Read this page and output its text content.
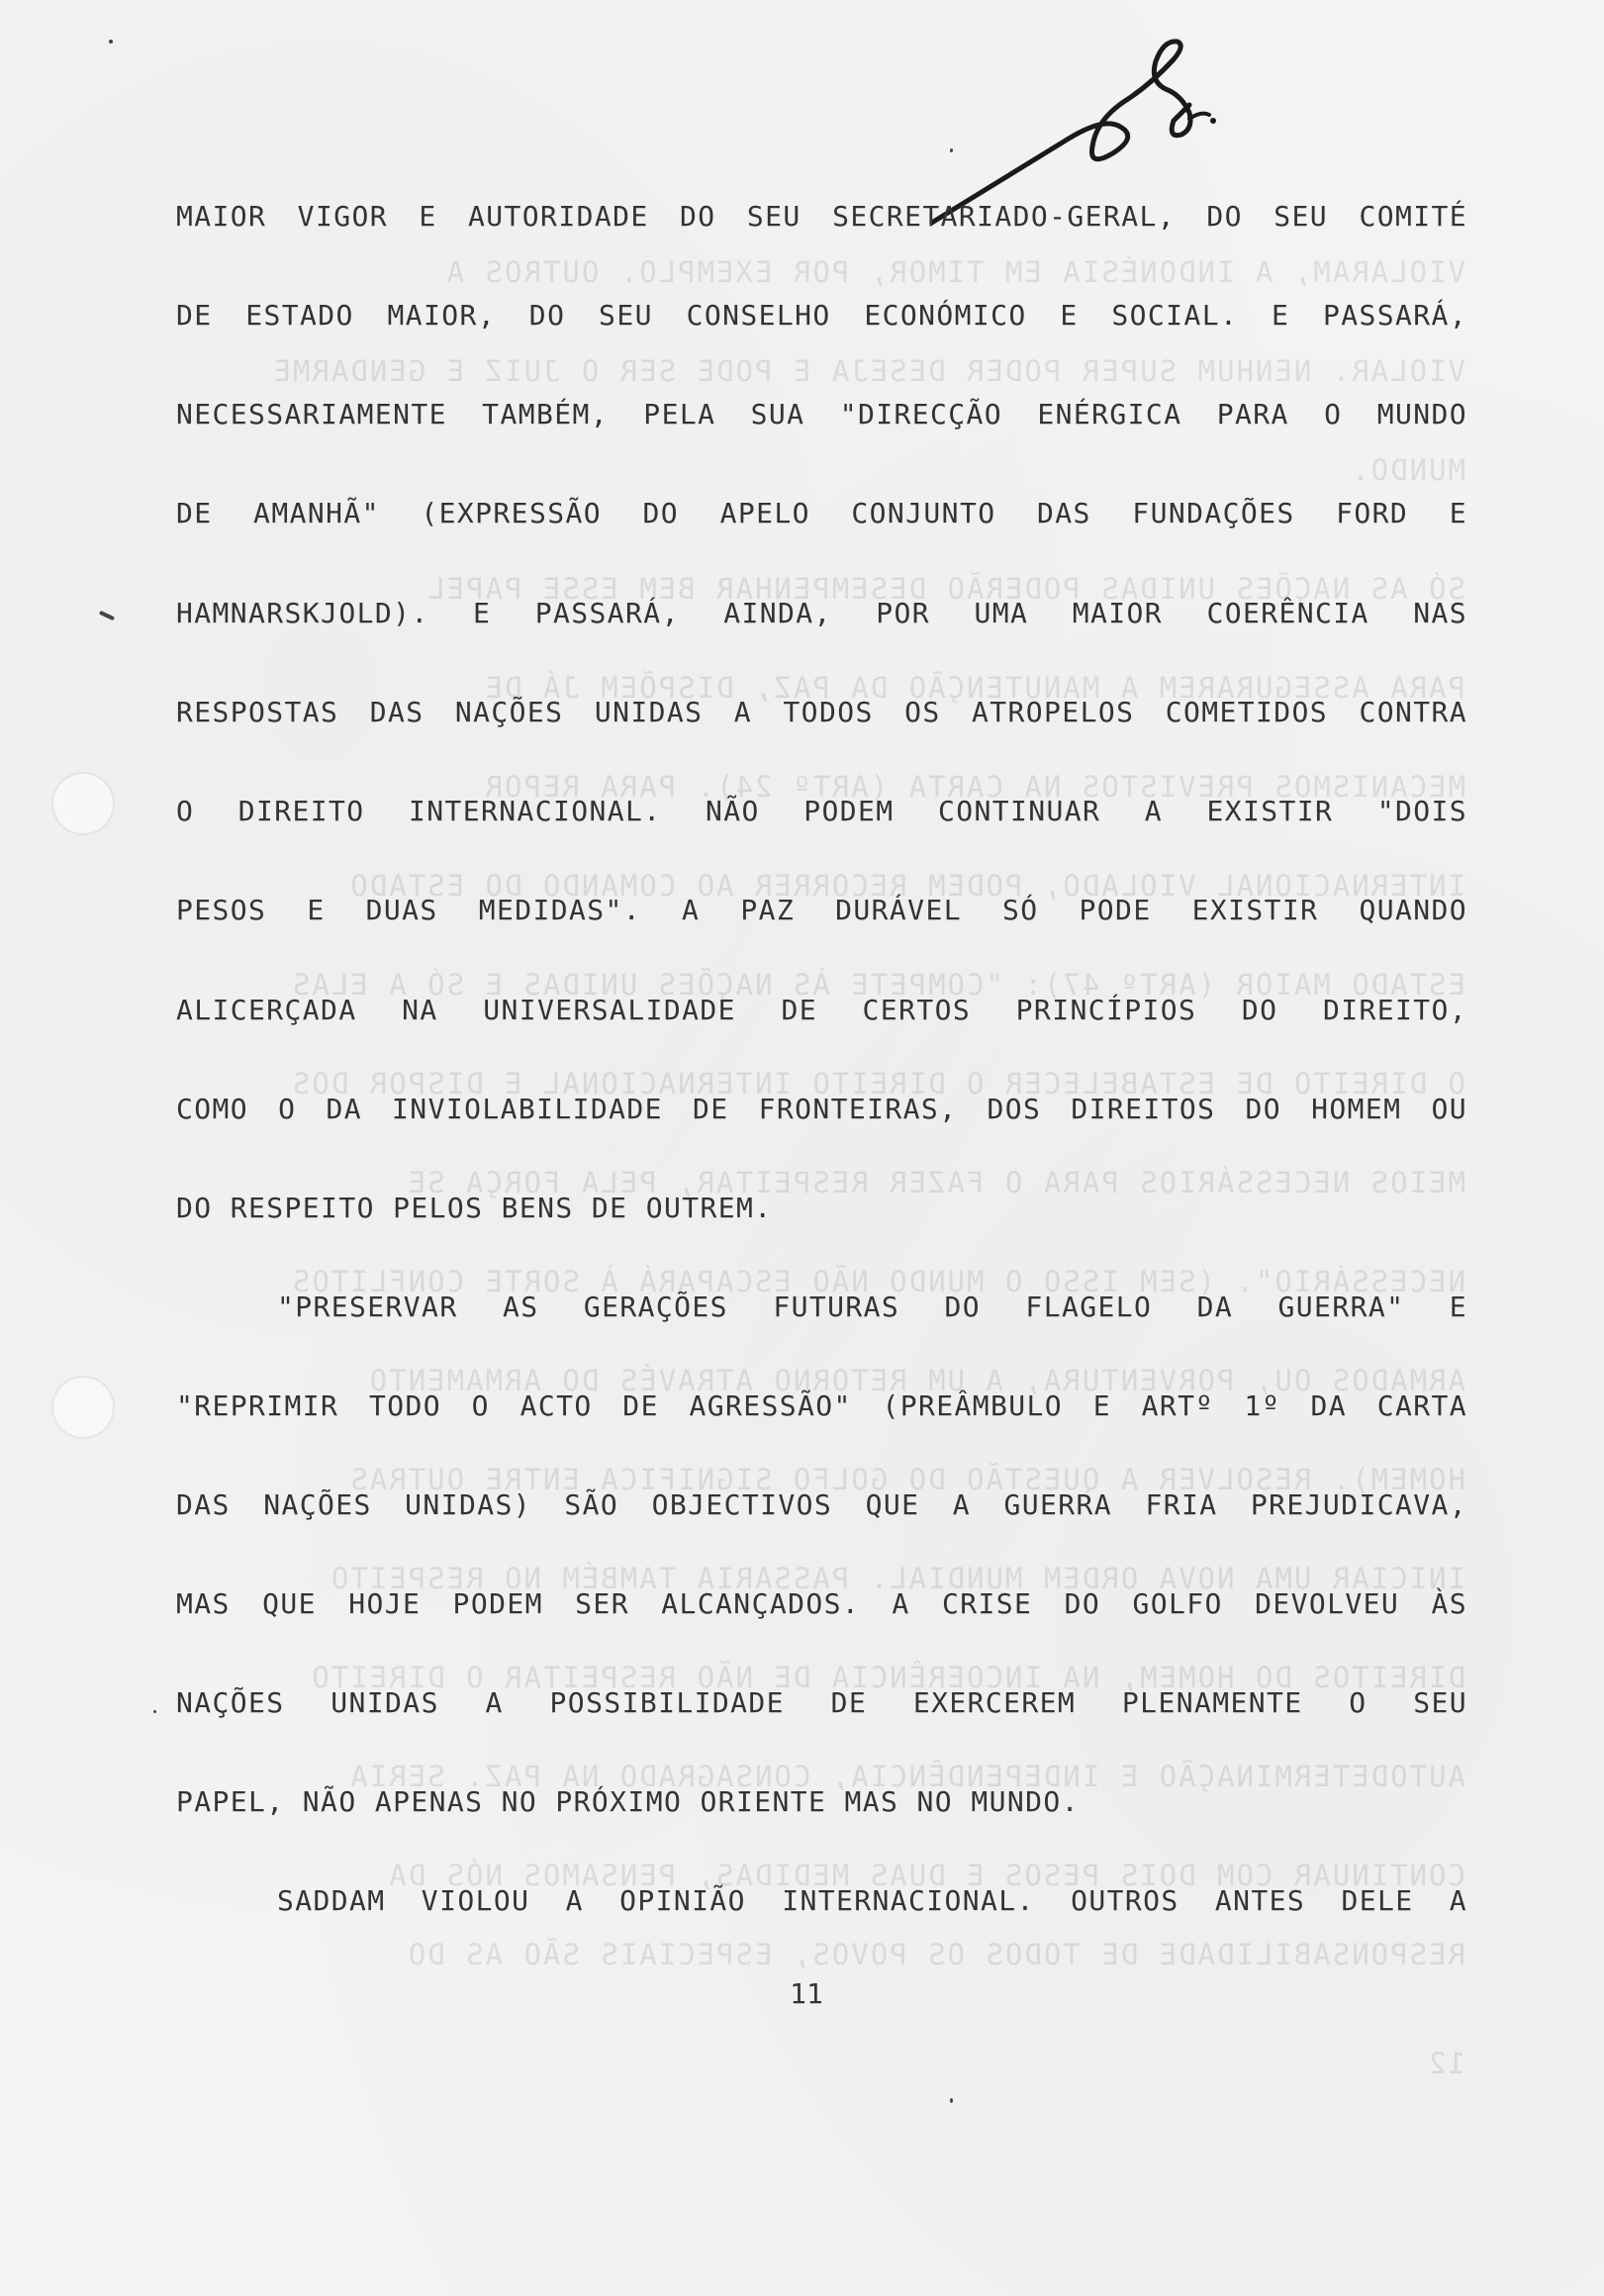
VIOLARAM, A INDONÉSIA EM TIMOR, POR EXEMPLO. OUTROS A
VIOLAR. NENHUM SUPER PODER DESEJA E PODE SER O JUIZ E GENDARME
MUNDO.
SÓ AS NAÇÕES UNIDAS PODERÃO DESEMPENHAR BEM ESSE PAPEL
PARA ASSEGURAREM A MANUTENÇÃO DA PAZ, DISPÕEM JÁ DE
MECANISMOS PREVISTOS NA CARTA (ARTº 24). PARA REPOR
INTERNACIONAL VIOLADO, PODEM RECORRER AO COMANDO DO ESTADO
ESTADO MAIOR (ARTº 47): "COMPETE ÀS NAÇÕES UNIDAS E SÓ A ELAS
O DIREITO DE ESTABELECER O DIREITO INTERNACIONAL E DISPOR DOS
MEIOS NECESSÁRIOS PARA O FAZER RESPEITAR, PELA FORÇA SE
NECESSÁRIO". (SEM ISSO O MUNDO NÃO ESCAPARÁ À SORTE CONFLITOS
ARMADOS OU, PORVENTURA, A UM RETORNO ATRAVÉS DO ARMAMENTO
HOMEM). RESOLVER A QUESTÃO DO GOLFO SIGNIFICA ENTRE OUTRAS
INICIAR UMA NOVA ORDEM MUNDIAL. PASSARIA TAMBÉM NO RESPEITO
DIREITOS DO HOMEM, NA INCOERÊNCIA DE NÃO RESPEITAR O DIREITO
AUTODETERMINAÇÃO E INDEPENDÊNCIA, CONSAGRADO NA PAZ. SERIA
CONTINUAR COM DOIS PESOS E DUAS MEDIDAS, PENSAMOS NÓS DA
RESPONSABILIDADE DE TODOS OS POVOS, ESPECIAIS SÃO AS DO
12
MAIOR VIGOR E AUTORIDADE DO SEU SECRETARIADO-GERAL, DO SEU COMITÉ
DE ESTADO MAIOR, DO SEU CONSELHO ECONÓMICO E SOCIAL. E PASSARÁ,
NECESSARIAMENTE TAMBÉM, PELA SUA "DIRECÇÃO ENÉRGICA PARA O MUNDO
DE AMANHÃ" (EXPRESSÃO DO APELO CONJUNTO DAS FUNDAÇÕES FORD E
HAMNARSKJOLD). E PASSARÁ, AINDA, POR UMA MAIOR COERÊNCIA NAS
RESPOSTAS DAS NAÇÕES UNIDAS A TODOS OS ATROPELOS COMETIDOS CONTRA
O DIREITO INTERNACIONAL. NÃO PODEM CONTINUAR A EXISTIR "DOIS
PESOS E DUAS MEDIDAS". A PAZ DURÁVEL SÓ PODE EXISTIR QUANDO
ALICERÇADA NA UNIVERSALIDADE DE CERTOS PRINCÍPIOS DO DIREITO,
COMO O DA INVIOLABILIDADE DE FRONTEIRAS, DOS DIREITOS DO HOMEM OU
DO RESPEITO PELOS BENS DE OUTREM.
"PRESERVAR AS GERAÇÕES FUTURAS DO FLAGELO DA GUERRA" E
"REPRIMIR TODO O ACTO DE AGRESSÃO" (PREÂMBULO E ARTº 1º DA CARTA
DAS NAÇÕES UNIDAS) SÃO OBJECTIVOS QUE A GUERRA FRIA PREJUDICAVA,
MAS QUE HOJE PODEM SER ALCANÇADOS. A CRISE DO GOLFO DEVOLVEU ÀS
NAÇÕES UNIDAS A POSSIBILIDADE DE EXERCEREM PLENAMENTE O SEU
PAPEL, NÃO APENAS NO PRÓXIMO ORIENTE MAS NO MUNDO.
SADDAM VIOLOU A OPINIÃO INTERNACIONAL. OUTROS ANTES DELE A
11
